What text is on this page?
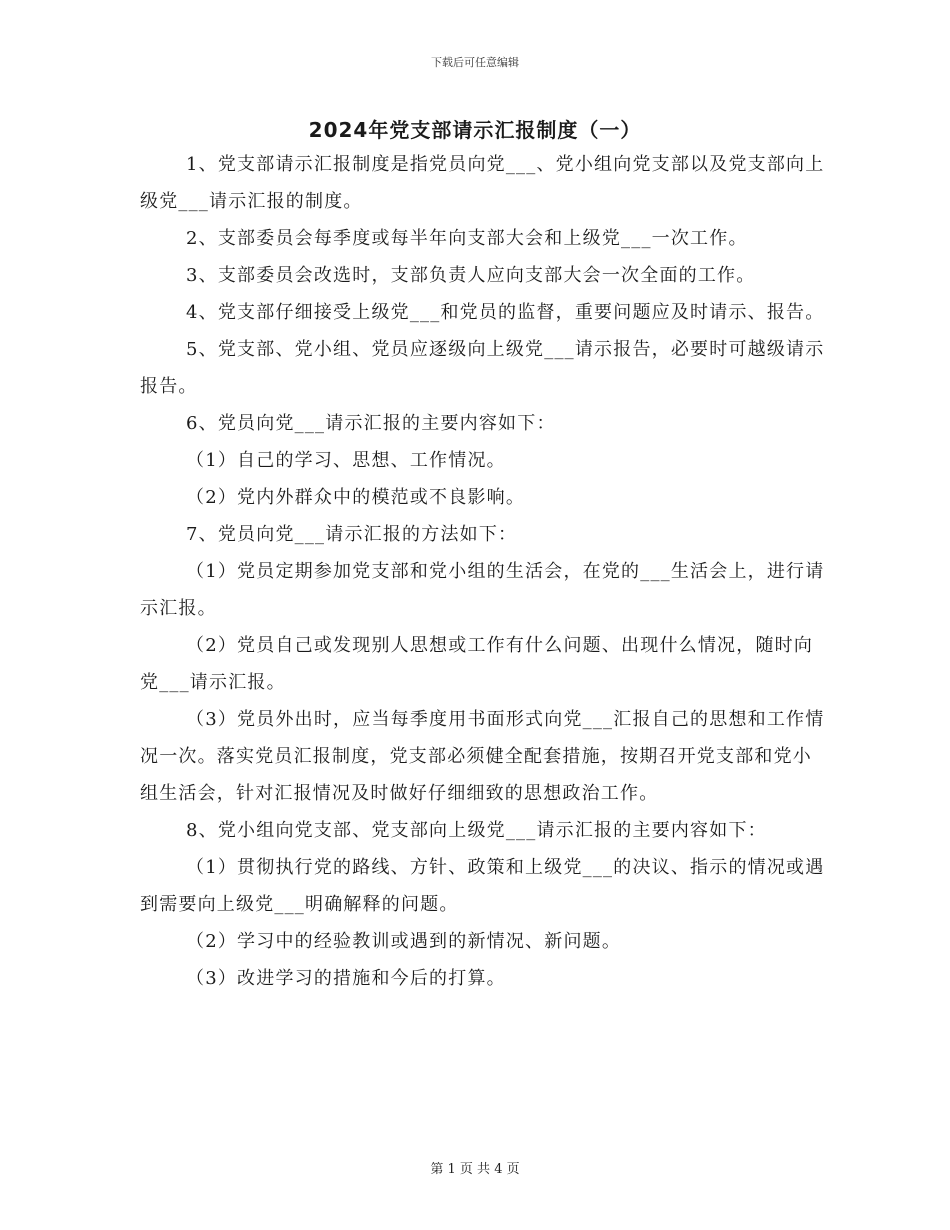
下载后可任意编辑
2024年党支部请示汇报制度（一）

1、党支部请示汇报制度是指党员向党___、党小组向党支部以及党支部向上级党___请示汇报的制度。

2、支部委员会每季度或每半年向支部大会和上级党___一次工作。

3、支部委员会改选时，支部负责人应向支部大会一次全面的工作。

4、党支部仔细接受上级党___和党员的监督，重要问题应及时请示、报告。

5、党支部、党小组、党员应逐级向上级党___请示报告，必要时可越级请示报告。

6、党员向党___请示汇报的主要内容如下：

（1）自己的学习、思想、工作情况。

（2）党内外群众中的模范或不良影响。

7、党员向党___请示汇报的方法如下：

（1）党员定期参加党支部和党小组的生活会，在党的___生活会上，进行请示汇报。

（2）党员自己或发现别人思想或工作有什么问题、出现什么情况，随时向党___请示汇报。

（3）党员外出时，应当每季度用书面形式向党___汇报自己的思想和工作情况一次。落实党员汇报制度，党支部必须健全配套措施，按期召开党支部和党小组生活会，针对汇报情况及时做好仔细细致的思想政治工作。

8、党小组向党支部、党支部向上级党___请示汇报的主要内容如下：

（1）贯彻执行党的路线、方针、政策和上级党___的决议、指示的情况或遇到需要向上级党___明确解释的问题。

（2）学习中的经验教训或遇到的新情况、新问题。

（3）改进学习的措施和今后的打算。

第 1 页 共 4 页
